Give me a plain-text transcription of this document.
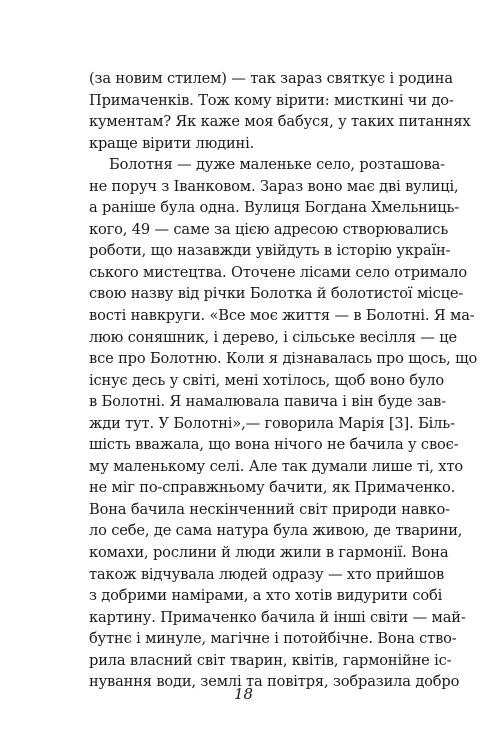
(за новим стилем) — так зараз святкує і родина
Примаченків. Тож кому вірити: мисткині чи до-
кументам? Як каже моя бабуся, у таких питаннях
краще вірити людині.
Болотня — дуже маленьке село, розташова-
не поруч з Іванковом. Зараз воно має дві вулиці,
а раніше була одна. Вулиця Богдана Хмельниць-
кого, 49 — саме за цією адресою створювались
роботи, що назавжди увійдуть в історію україн-
ського мистецтва. Оточене лісами село отримало
свою назву від річки Болотка й болотистої місце-
вості навкруги. «Все моє життя — в Болотні. Я ма-
люю соняшник, і дерево, і сільське весілля — це
все про Болотню. Коли я дізнавалась про щось, що
існує десь у світі, мені хотілось, щоб воно було
в Болотні. Я намалювала павича і він буде зав-
жди тут. У Болотні»,— говорила Марія [3]. Біль-
шість вважала, що вона нічого не бачила у своє-
му маленькому селі. Але так думали лише ті, хто
не міг по-справжньому бачити, як Примаченко.
Вона бачила нескінченний світ природи навко-
ло себе, де сама натура була живою, де тварини,
комахи, рослини й люди жили в гармонії. Вона
також відчувала людей одразу — хто прийшов
з добрими намірами, а хто хотів видурити собі
картину. Примаченко бачила й інші світи — май-
бутнє і минуле, магічне і потойбічне. Вона ство-
рила власний світ тварин, квітів, гармонійне іс-
нування води, землі та повітря, зобразила добро
18
